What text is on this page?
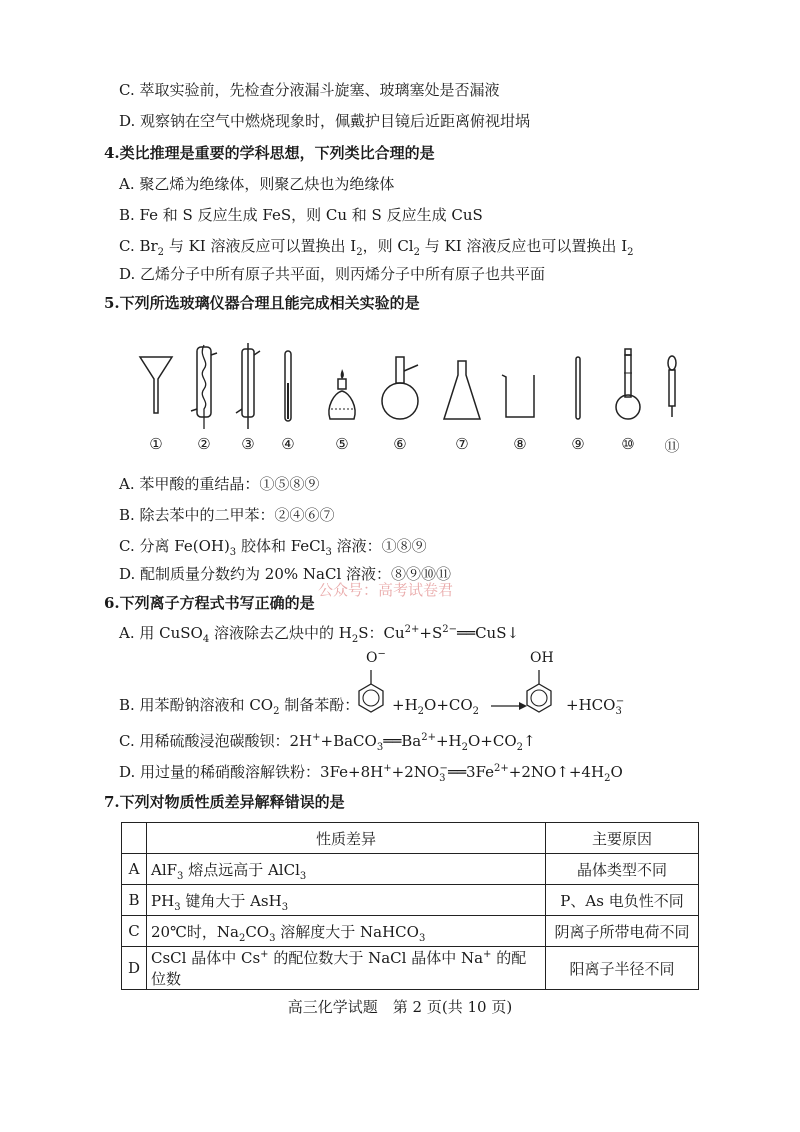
C. 萃取实验前，先检查分液漏斗旋塞、玻璃塞处是否漏液
D. 观察钠在空气中燃烧现象时，佩戴护目镜后近距离俯视坩埚
4.类比推理是重要的学科思想，下列类比合理的是
A. 聚乙烯为绝缘体，则聚乙炔也为绝缘体
B. Fe 和 S 反应生成 FeS，则 Cu 和 S 反应生成 CuS
C. $Br_2$ 与 KI 溶液反应可以置换出 $I_2$，则 $Cl_2$ 与 KI 溶液反应也可以置换出 $I_2$
D. 乙烯分子中所有原子共平面，则丙烯分子中所有原子也共平面
5.下列所选玻璃仪器合理且能完成相关实验的是
①	②	③	④	⑤	⑥	⑦	⑧	⑨	⑩	⑪
A. 苯甲酸的重结晶：①⑤⑧⑨
B. 除去苯中的二甲苯：②④⑥⑦
C. 分离 $Fe(OH)_3$ 胶体和 FeCl$_3$ 溶液：①⑧⑨
D. 配制质量分数约为 20% NaCl 溶液：⑧⑨⑩⑪
公众号：高考试卷君
6.下列离子方程式书写正确的是
A. 用 CuSO$_4$ 溶液除去乙炔中的 $H_2S$：$Cu^{2+}+S^{2-}══CuS↓$
B. 用苯酚钠溶液和 $CO_2$ 制备苯酚：
O−
$+H_2O+CO_2$ →
OH
$+HCO_3^-$
C. 用稀硫酸浸泡碳酸钡：$2H^++BaCO_3══Ba^{2+}+H_2O+CO_2↑$
D. 用过量的稀硝酸溶解铁粉：$3Fe+8H^++2NO_3^-══3Fe^{2+}+2NO↑+4H_2O$
7.下列对物质性质差异解释错误的是
	性质差异	主要原因
A	AlF$_3$ 熔点远高于 AlCl$_3$	晶体类型不同
B	$PH_3$ 键角大于 AsH$_3$	P、As 电负性不同
C	20℃时，$Na_2CO_3$ 溶解度大于 NaHCO$_3$	阴离子所带电荷不同
D	CsCl 晶体中 Cs+ 的配位数大于 NaCl 晶体中 Na+ 的配位数	阳离子半径不同
高三化学试题　第 2 页(共 10 页)
